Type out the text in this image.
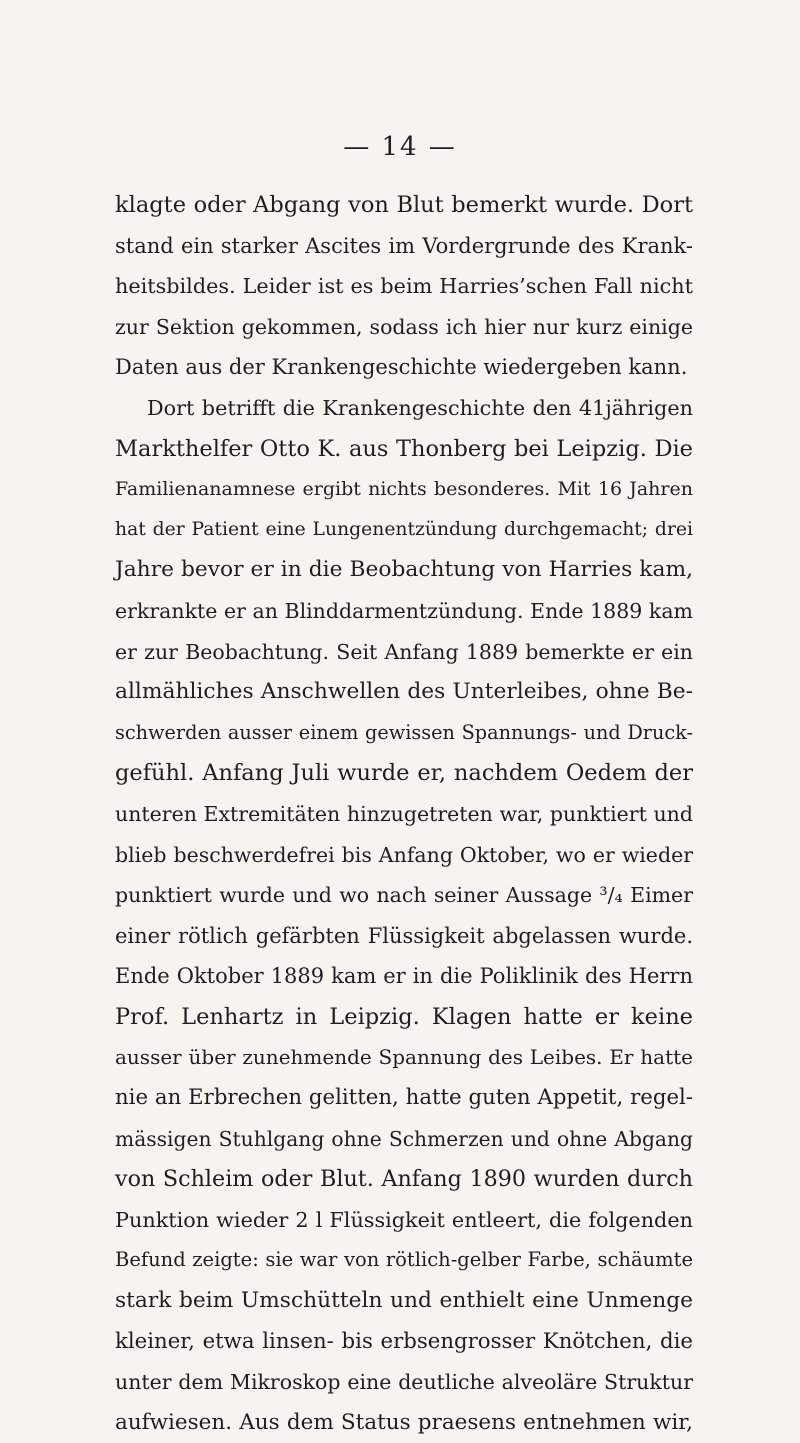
— 14 —
klagte oder Abgang von Blut bemerkt wurde. Dort
stand ein starker Ascites im Vordergrunde des Krank-
heitsbildes. Leider ist es beim Harries’schen Fall nicht
zur Sektion gekommen, sodass ich hier nur kurz einige
Daten aus der Krankengeschichte wiedergeben kann.
Dort betrifft die Krankengeschichte den 41jährigen
Markthelfer Otto K. aus Thonberg bei Leipzig. Die
Familienanamnese ergibt nichts besonderes. Mit 16 Jahren
hat der Patient eine Lungenentzündung durchgemacht; drei
Jahre bevor er in die Beobachtung von Harries kam,
erkrankte er an Blinddarmentzündung. Ende 1889 kam
er zur Beobachtung. Seit Anfang 1889 bemerkte er ein
allmähliches Anschwellen des Unterleibes, ohne Be-
schwerden ausser einem gewissen Spannungs- und Druck-
gefühl. Anfang Juli wurde er, nachdem Oedem der
unteren Extremitäten hinzugetreten war, punktiert und
blieb beschwerdefrei bis Anfang Oktober, wo er wieder
punktiert wurde und wo nach seiner Aussage ³/₄ Eimer
einer rötlich gefärbten Flüssigkeit abgelassen wurde.
Ende Oktober 1889 kam er in die Poliklinik des Herrn
Prof. Lenhartz in Leipzig. Klagen hatte er keine
ausser über zunehmende Spannung des Leibes. Er hatte
nie an Erbrechen gelitten, hatte guten Appetit, regel-
mässigen Stuhlgang ohne Schmerzen und ohne Abgang
von Schleim oder Blut. Anfang 1890 wurden durch
Punktion wieder 2 l Flüssigkeit entleert, die folgenden
Befund zeigte: sie war von rötlich-gelber Farbe, schäumte
stark beim Umschütteln und enthielt eine Unmenge
kleiner, etwa linsen- bis erbsengrosser Knötchen, die
unter dem Mikroskop eine deutliche alveoläre Struktur
aufwiesen. Aus dem Status praesens entnehmen wir,
